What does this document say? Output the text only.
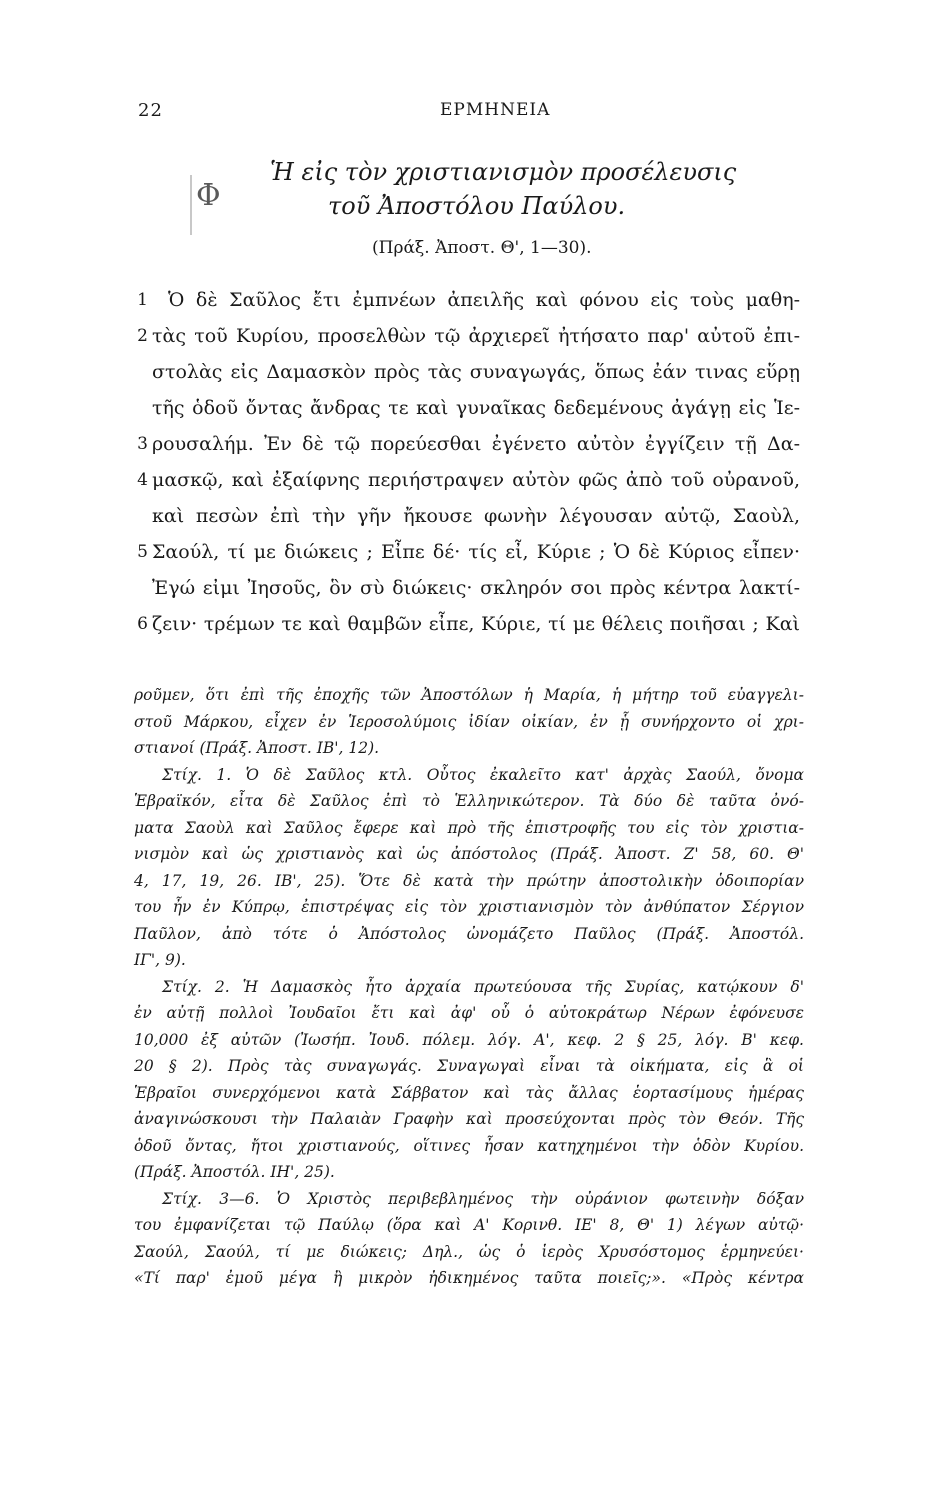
22	ΕΡΜΗΝΕΙΑ
Φ
Ἡ εἰς τὸν χριστιανισμὸν προσέλευσις
τοῦ Ἀποστόλου Παύλου.
(Πράξ. Ἀποστ. Θ', 1—30).
1 Ὁ δὲ Σαῦλος ἔτι ἐμπνέων ἀπειλῆς καὶ φόνου εἰς τοὺς μαθη-
2 τὰς τοῦ Κυρίου, προσελθὼν τῷ ἀρχιερεῖ ἠτήσατο παρ' αὐτοῦ ἐπι-
στολὰς εἰς Δαμασκὸν πρὸς τὰς συναγωγάς, ὅπως ἐάν τινας εὕρῃ
τῆς ὁδοῦ ὄντας ἄνδρας τε καὶ γυναῖκας δεδεμένους ἀγάγῃ εἰς Ἱε-
3 ρουσαλήμ. Ἐν δὲ τῷ πορεύεσθαι ἐγένετο αὐτὸν ἐγγίζειν τῇ Δα-
4 μασκῷ, καὶ ἐξαίφνης περιήστραψεν αὐτὸν φῶς ἀπὸ τοῦ οὐρανοῦ,
καὶ πεσὼν ἐπὶ τὴν γῆν ἤκουσε φωνὴν λέγουσαν αὐτῷ, Σαοὺλ,
5 Σαούλ, τί με διώκεις ; Εἶπε δέ· τίς εἶ, Κύριε ; Ὁ δὲ Κύριος εἶπεν·
Ἐγώ εἰμι Ἰησοῦς, ὃν σὺ διώκεις· σκληρόν σοι πρὸς κέντρα λακτί-
6 ζειν· τρέμων τε καὶ θαμβῶν εἶπε, Κύριε, τί με θέλεις ποιῆσαι ; Καὶ
ροῦμεν, ὅτι ἐπὶ τῆς ἐποχῆς τῶν Ἀποστόλων ἡ Μαρία, ἡ μήτηρ τοῦ εὐαγγελι-
στοῦ Μάρκου, εἶχεν ἐν Ἱεροσολύμοις ἰδίαν οἰκίαν, ἐν ᾗ συνήρχοντο οἱ χρι-
στιανοί (Πράξ. Ἀποστ. ΙΒ', 12).
Στίχ. 1. Ὁ δὲ Σαῦλος κτλ. Οὗτος ἐκαλεῖτο κατ' ἀρχὰς Σαούλ, ὄνομα
Ἑβραϊκόν, εἶτα δὲ Σαῦλος ἐπὶ τὸ Ἑλληνικώτερον. Τὰ δύο δὲ ταῦτα ὀνό-
ματα Σαοὺλ καὶ Σαῦλος ἔφερε καὶ πρὸ τῆς ἐπιστροφῆς του εἰς τὸν χριστια-
νισμὸν καὶ ὡς χριστιανὸς καὶ ὡς ἀπόστολος (Πράξ. Ἀποστ. Ζ' 58, 60. Θ'
4, 17, 19, 26. ΙΒ', 25). Ὅτε δὲ κατὰ τὴν πρώτην ἀποστολικὴν ὁδοιπορίαν
του ἦν ἐν Κύπρῳ, ἐπιστρέψας εἰς τὸν χριστιανισμὸν τὸν ἀνθύπατον Σέργιον
Παῦλον, ἀπὸ τότε ὁ Ἀπόστολος ὠνομάζετο Παῦλος (Πράξ. Ἀποστόλ.
ΙΓ', 9).
Στίχ. 2. Ἡ Δαμασκὸς ἦτο ἀρχαία πρωτεύουσα τῆς Συρίας, κατῴκουν δ'
ἐν αὐτῇ πολλοὶ Ἰουδαῖοι ἔτι καὶ ἀφ' οὗ ὁ αὐτοκράτωρ Νέρων ἐφόνευσε
10,000 ἐξ αὐτῶν (Ἰωσήπ. Ἰουδ. πόλεμ. λόγ. Α', κεφ. 2 § 25, λόγ. Β' κεφ.
20 § 2). Πρὸς τὰς συναγωγάς. Συναγωγαὶ εἶναι τὰ οἰκήματα, εἰς ἃ οἱ
Ἑβραῖοι συνερχόμενοι κατὰ Σάββατον καὶ τὰς ἄλλας ἑορτασίμους ἡμέρας
ἀναγινώσκουσι τὴν Παλαιὰν Γραφὴν καὶ προσεύχονται πρὸς τὸν Θεόν. Τῆς
ὁδοῦ ὄντας, ἤτοι χριστιανούς, οἵτινες ἦσαν κατηχημένοι τὴν ὁδὸν Κυρίου.
(Πράξ. Ἀποστόλ. ΙΗ', 25).
Στίχ. 3—6. Ὁ Χριστὸς περιβεβλημένος τὴν οὐράνιον φωτεινὴν δόξαν
του ἐμφανίζεται τῷ Παύλῳ (ὅρα καὶ Α' Κορινθ. ΙΕ' 8, Θ' 1) λέγων αὐτῷ·
Σαούλ, Σαούλ, τί με διώκεις; Δηλ., ὡς ὁ ἱερὸς Χρυσόστομος ἑρμηνεύει·
«Τί παρ' ἐμοῦ μέγα ἢ μικρὸν ἠδικημένος ταῦτα ποιεῖς;». «Πρὸς κέντρα
